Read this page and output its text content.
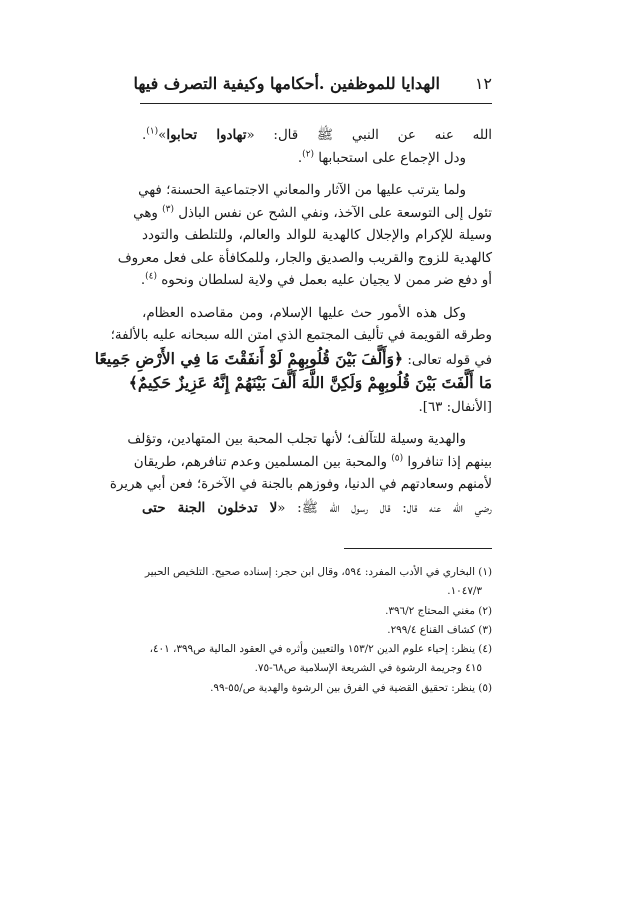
١٢
الهدايا للموظفين .أحكامها وكيفية التصرف فيها

الله عنه عن النبي ﷺ قال: «تهادوا تحابوا»$^{(١)}$.
ودل الإجماع على استحبابها $^{(٢)}$.

ولما يترتب عليها من الآثار والمعاني الاجتماعية الحسنة؛ فهي
تئول إلى التوسعة على الآخذ، ونفي الشح عن نفس الباذل $^{(٣)}$ وهي
وسيلة للإكرام والإجلال كالهدية للوالد والعالم، وللتلطف والتودد
كالهدية للزوج والقريب والصديق والجار، وللمكافأة على فعل معروف
أو دفع ضر ممن لا يجيان عليه بعمل في ولاية لسلطان ونحوه $^{(٤)}$.

وكل هذه الأمور حث عليها الإسلام، ومن مقاصده العظام،
وطرقه القويمة في تأليف المجتمع الذي امتن الله سبحانه عليه بالألفة؛
في قوله تعالى: ﴿وَأَلَّفَ بَيْنَ قُلُوبِهِمْ لَوْ أَنفَقْتَ مَا فِي الأَرْضِ جَمِيعًا
مَا أَلَّفَتَ بَيْنَ قُلُوبِهِمْ وَلَكِنَّ اللَّهَ أَلَّفَ بَيْنَهُمْ إِنَّهُ عَزِيزٌ حَكِيمٌ﴾
[الأنفال: ٦٣].

والهدية وسيلة للتآلف؛ لأنها تجلب المحبة بين المتهادين، وتؤلف
بينهم إذا تنافروا $^{(٥)}$ والمحبة بين المسلمين وعدم تنافرهم، طريقان
لأمنهم وسعادتهم في الدنيا، وفوزهم بالجنة في الآخرة؛ فعن أبي هريرة
رضي الله عنه قال: قال رسول الله ﷺ: «لا تدخلون الجنة حتى

(١) البخاري في الأدب المفرد: ٥٩٤، وقال ابن حجر: إسناده صحيح. التلخيص الحبير
١٠٤٧/٣.
(٢) مغني المحتاج ٣٩٦/٢.
(٣) كشاف القناع ٢٩٩/٤.
(٤) ينظر: إحياء علوم الدين ١٥٣/٢ والتعيين وأثره في العقود المالية ص٣٩٩، ٤٠١،
٤١٥ وجريمة الرشوة في الشريعة الإسلامية ص٦٨-٧٥.
(٥) ينظر: تحقيق القضية في الفرق بين الرشوة والهدية ص/٥٥-٩٩.
